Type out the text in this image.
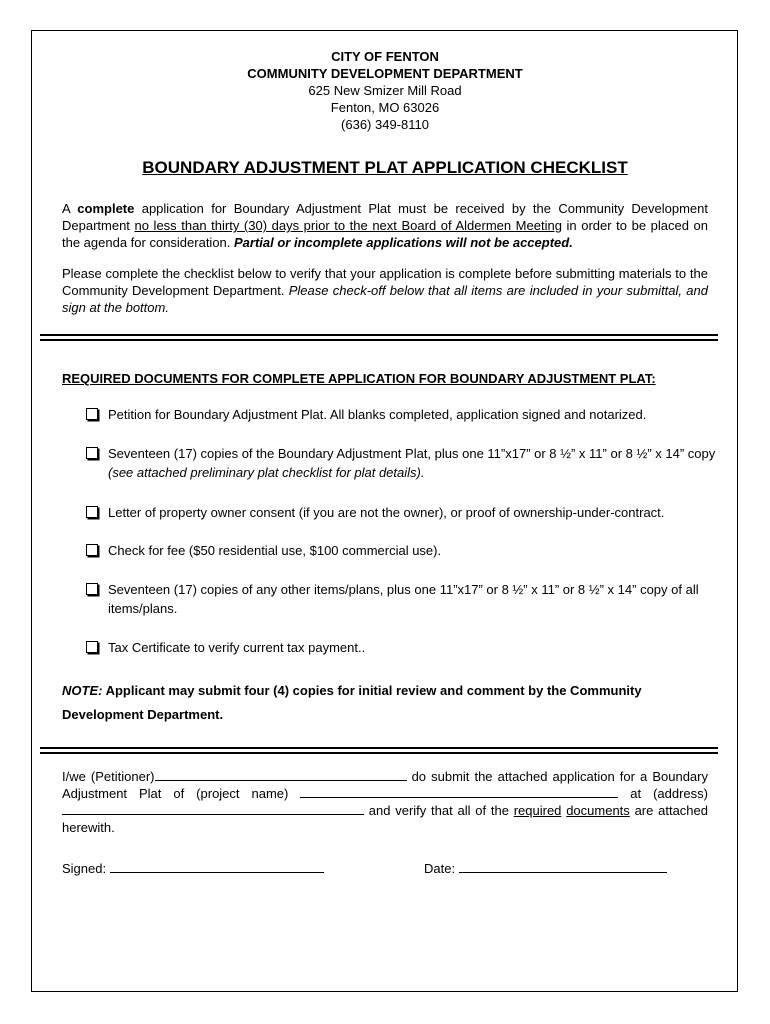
CITY OF FENTON
COMMUNITY DEVELOPMENT DEPARTMENT
625 New Smizer Mill Road
Fenton, MO 63026
(636) 349-8110
BOUNDARY ADJUSTMENT PLAT APPLICATION CHECKLIST
A complete application for Boundary Adjustment Plat must be received by the Community Development Department no less than thirty (30) days prior to the next Board of Aldermen Meeting in order to be placed on the agenda for consideration. Partial or incomplete applications will not be accepted.
Please complete the checklist below to verify that your application is complete before submitting materials to the Community Development Department. Please check-off below that all items are included in your submittal, and sign at the bottom.
REQUIRED DOCUMENTS FOR COMPLETE APPLICATION FOR BOUNDARY ADJUSTMENT PLAT:
Petition for Boundary Adjustment Plat. All blanks completed, application signed and notarized.
Seventeen (17) copies of the Boundary Adjustment Plat, plus one 11”x17” or 8 ½” x 11” or 8 ½” x 14” copy (see attached preliminary plat checklist for plat details).
Letter of property owner consent (if you are not the owner), or proof of ownership-under-contract.
Check for fee ($50 residential use, $100 commercial use).
Seventeen (17) copies of any other items/plans, plus one 11”x17” or 8 ½” x 11” or 8 ½” x 14” copy of all items/plans.
Tax Certificate to verify current tax payment..
NOTE: Applicant may submit four (4) copies for initial review and comment by the Community Development Department.
I/we (Petitioner)	do submit the attached application for a Boundary Adjustment Plat of (project name)	at (address) and verify that all of the required documents are attached herewith.
Signed:	Date:
